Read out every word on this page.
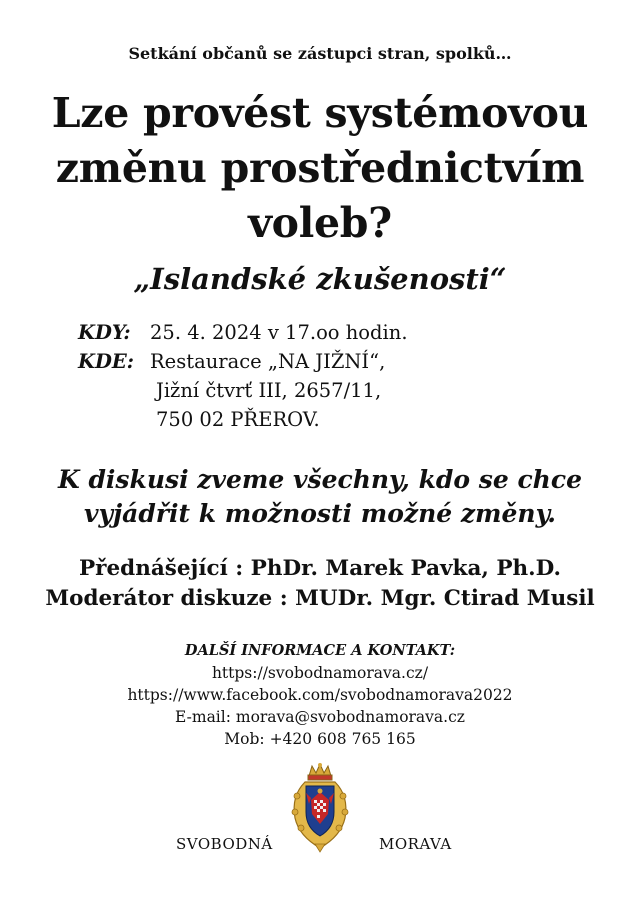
Setkání občanů se zástupci stran, spolků…
Lze provést systémovou
změnu prostřednictvím
voleb?
„Islandské zkušenosti“
KDY: 25. 4. 2024 v 17.oo hodin.
KDE: Restaurace „NA JIŽNÍ“,
Jižní čtvrť III, 2657/11,
750 02 PŘEROV.
K diskusi zveme všechny, kdo se chce
vyjádřit k možnosti možné změny.
Přednášející : PhDr. Marek Pavka, Ph.D.
Moderátor diskuze : MUDr. Mgr. Ctirad Musil
DALŠÍ INFORMACE A KONTAKT:
https://svobodnamorava.cz/
https://www.facebook.com/svobodnamorava2022
E-mail: morava@svobodnamorava.cz
Mob: +420 608 765 165
SVOBODNÁ	MORAVA
